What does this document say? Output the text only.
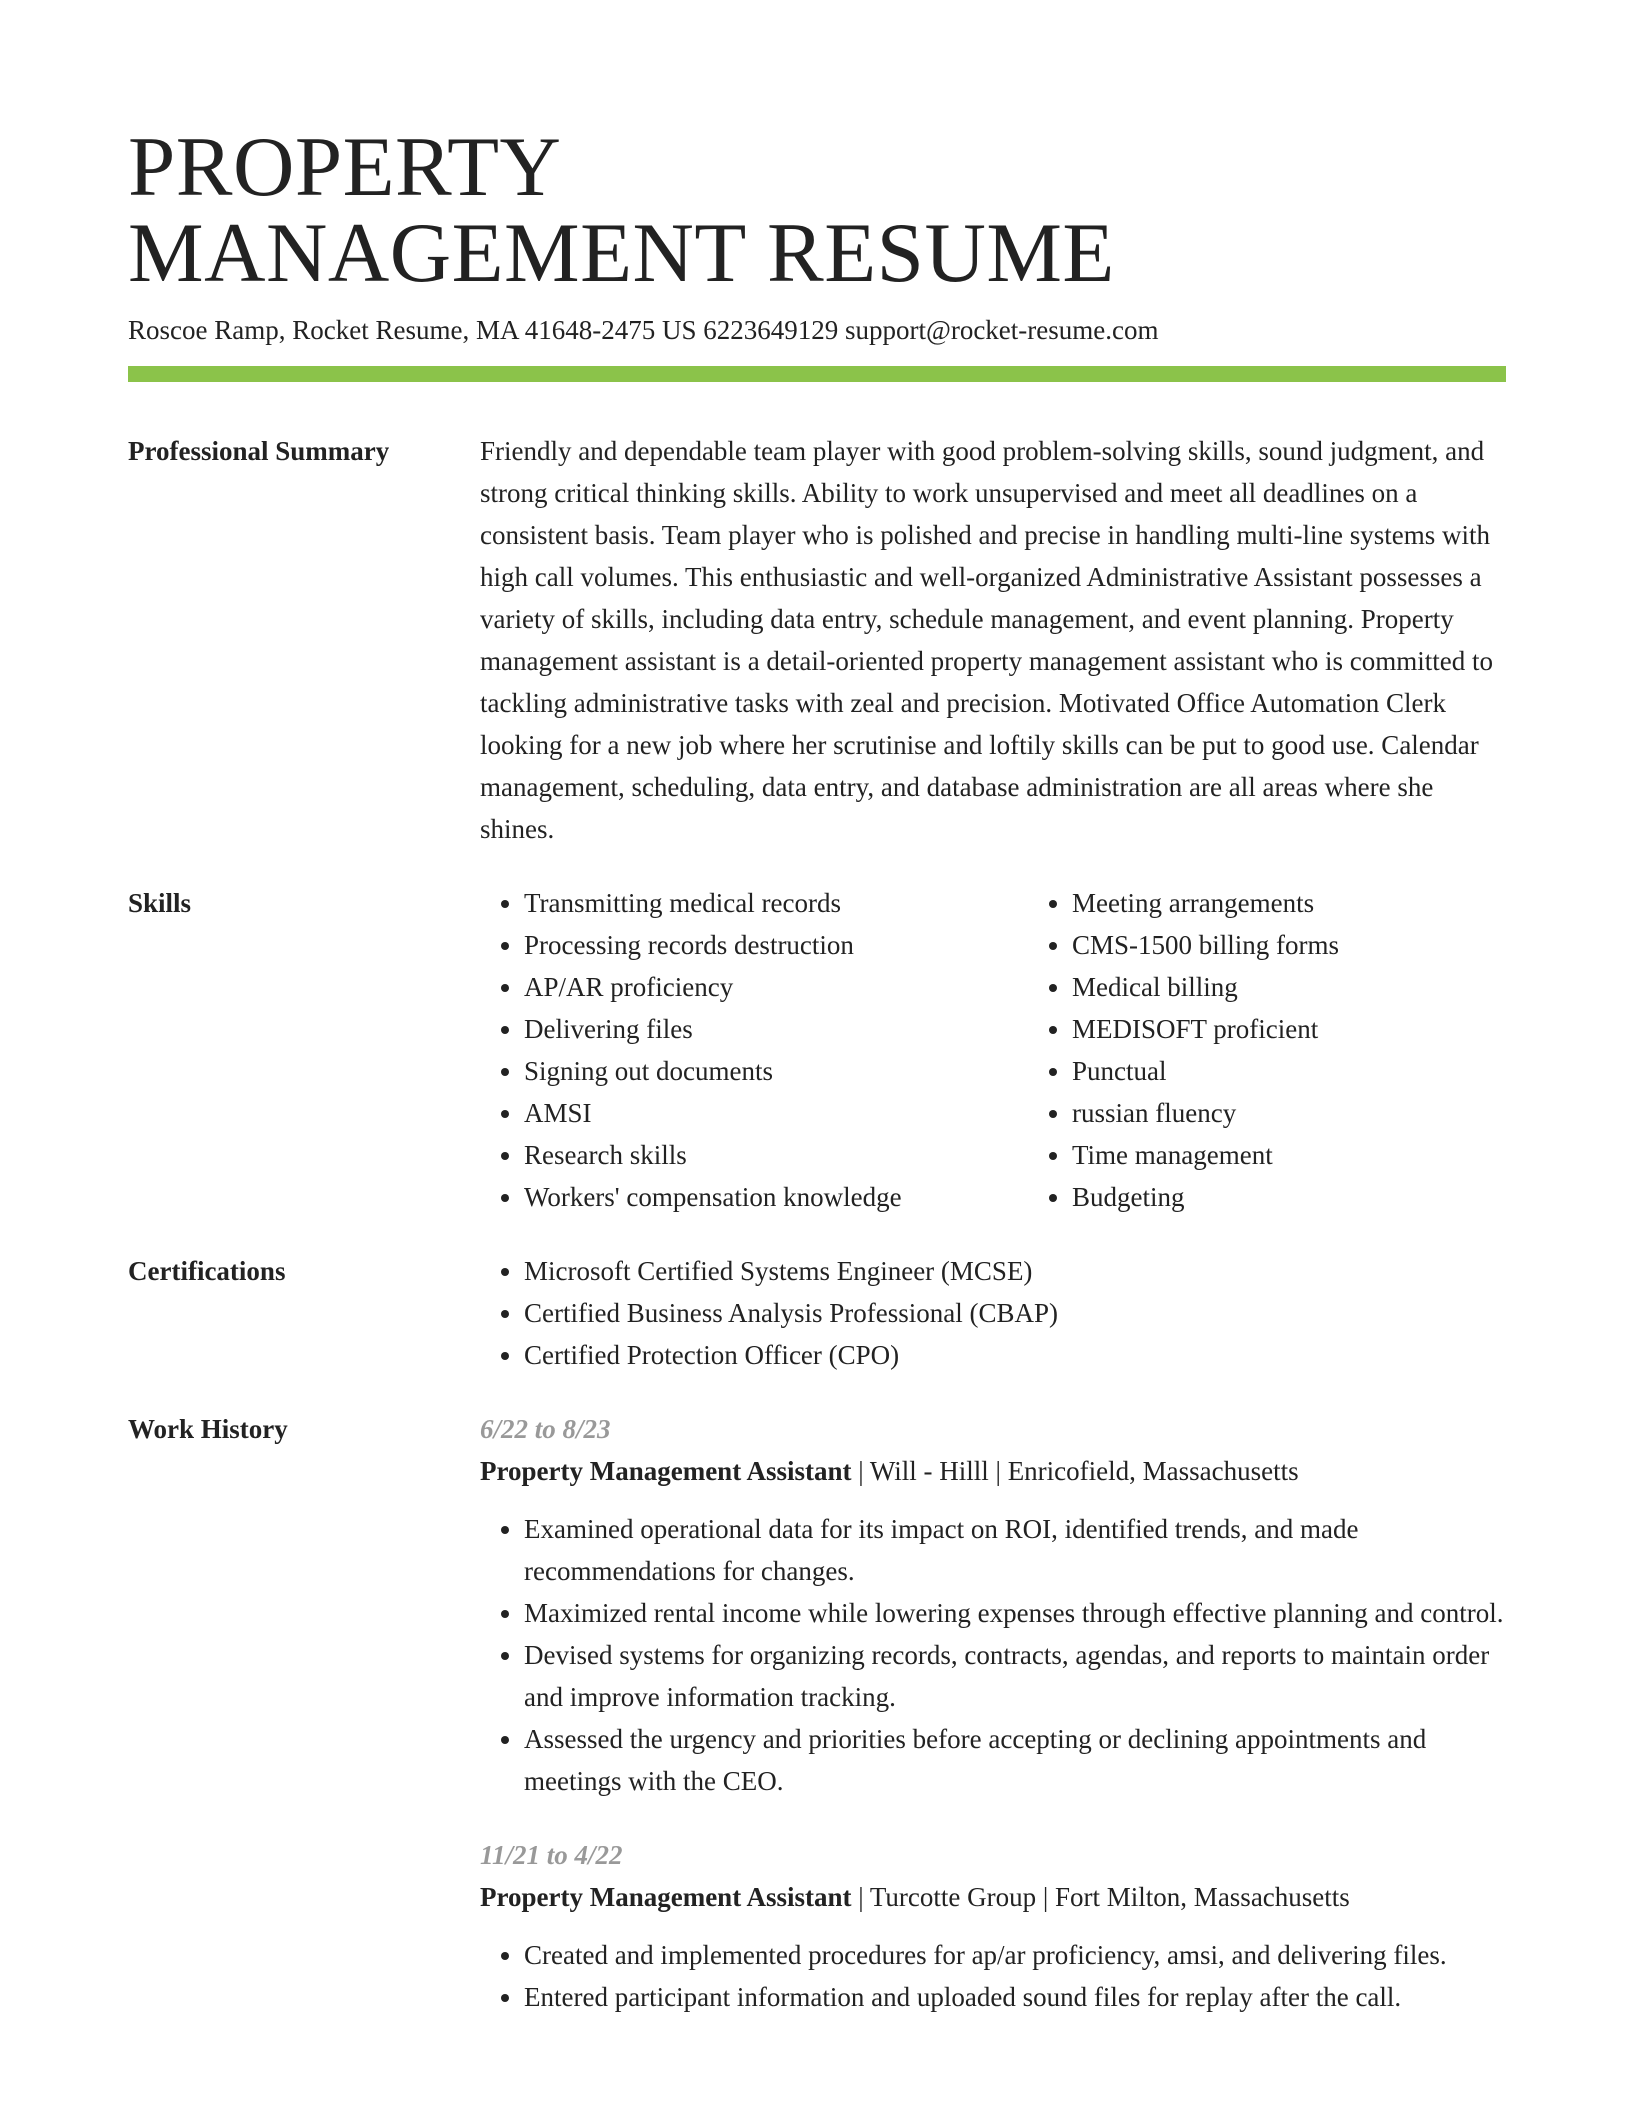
PROPERTY
MANAGEMENT RESUME
Roscoe Ramp, Rocket Resume, MA 41648-2475 US 6223649129 support@rocket-resume.com
Professional Summary	Friendly and dependable team player with good problem-solving skills, sound judgment, and strong critical thinking skills. Ability to work unsupervised and meet all deadlines on a consistent basis. Team player who is polished and precise in handling multi-line systems with high call volumes. This enthusiastic and well-organized Administrative Assistant possesses a variety of skills, including data entry, schedule management, and event planning. Property management assistant is a detail-oriented property management assistant who is committed to tackling administrative tasks with zeal and precision. Motivated Office Automation Clerk looking for a new job where her scrutinise and loftily skills can be put to good use. Calendar management, scheduling, data entry, and database administration are all areas where she shines.
Skills	• Transmitting medical records
• Processing records destruction
• AP/AR proficiency
• Delivering files
• Signing out documents
• AMSI
• Research skills
• Workers' compensation knowledge
• Meeting arrangements
• CMS-1500 billing forms
• Medical billing
• MEDISOFT proficient
• Punctual
• russian fluency
• Time management
• Budgeting
Certifications	• Microsoft Certified Systems Engineer (MCSE)
• Certified Business Analysis Professional (CBAP)
• Certified Protection Officer (CPO)
Work History	6/22 to 8/23
Property Management Assistant | Will - Hilll | Enricofield, Massachusetts
• Examined operational data for its impact on ROI, identified trends, and made recommendations for changes.
• Maximized rental income while lowering expenses through effective planning and control.
• Devised systems for organizing records, contracts, agendas, and reports to maintain order and improve information tracking.
• Assessed the urgency and priorities before accepting or declining appointments and meetings with the CEO.
11/21 to 4/22
Property Management Assistant | Turcotte Group | Fort Milton, Massachusetts
• Created and implemented procedures for ap/ar proficiency, amsi, and delivering files.
• Entered participant information and uploaded sound files for replay after the call.
